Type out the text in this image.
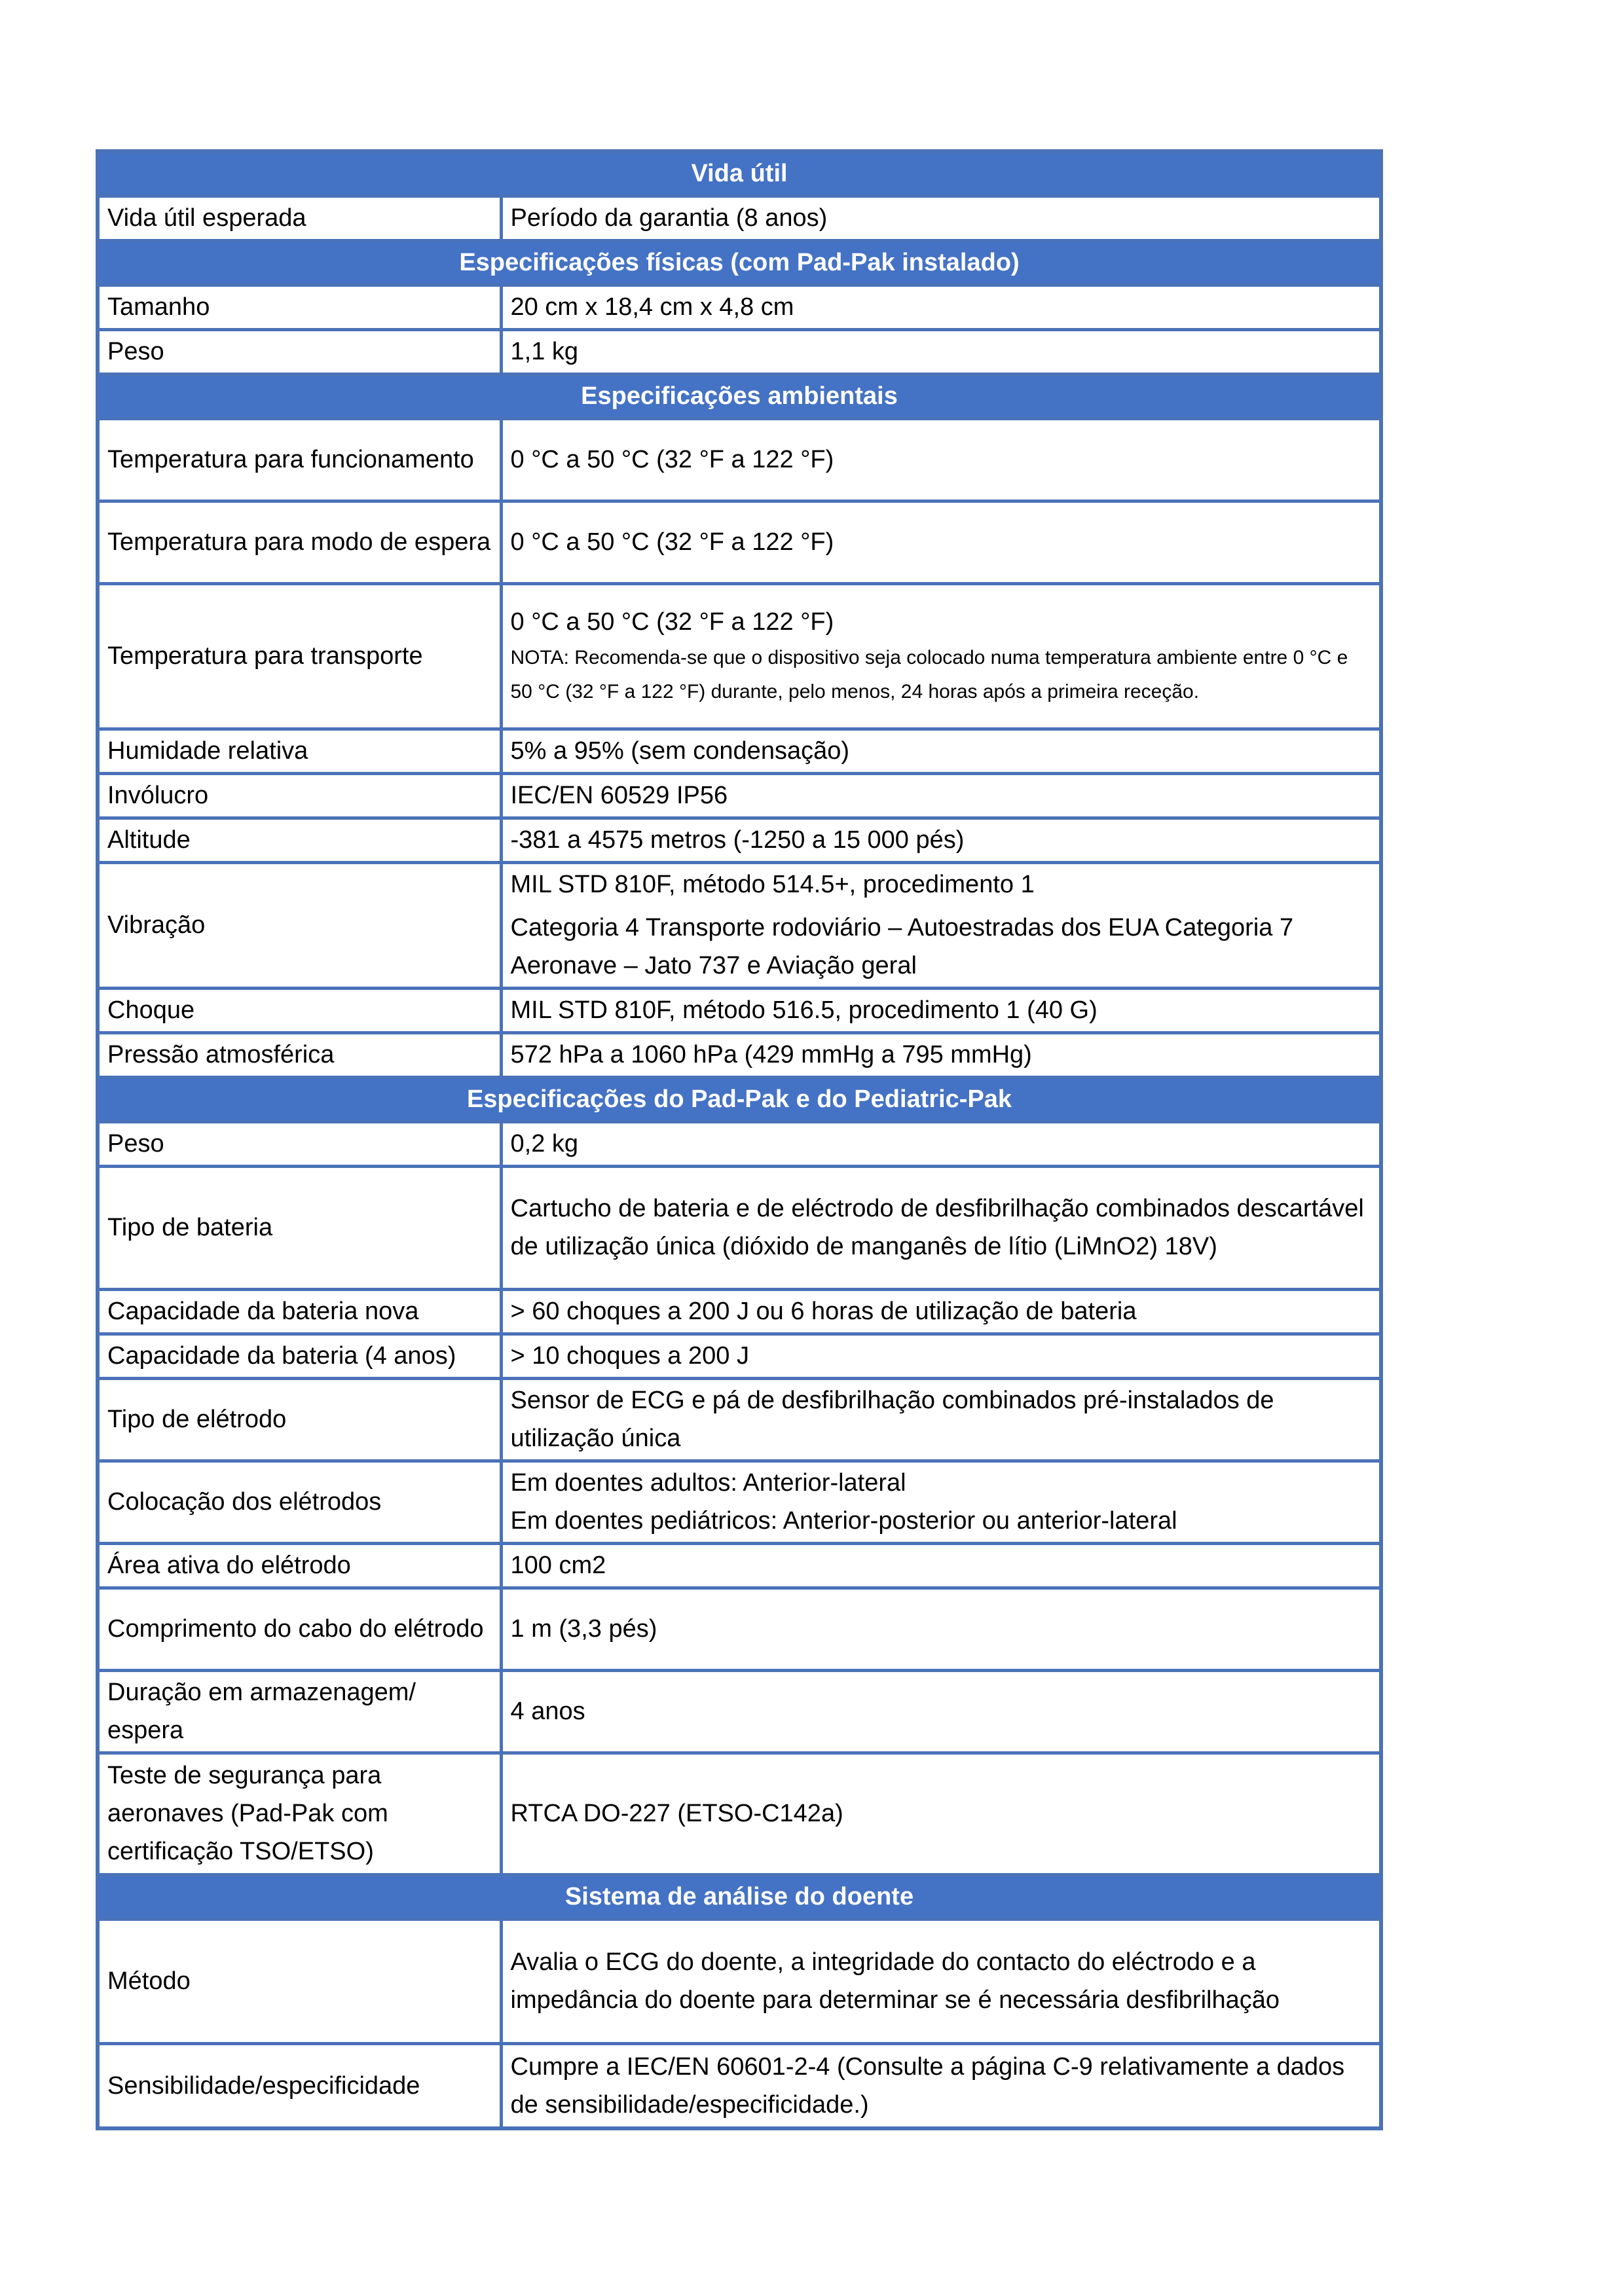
Vida útil	
Vida útil esperada	Período da garantia (8 anos)
Especificações físicas (com Pad-Pak instalado)	
Tamanho	20 cm x 18,4 cm x 4,8 cm
Peso	1,1 kg
Especificações ambientais	
Temperatura para funcionamento	0 °C a 50 °C (32 °F a 122 °F)
Temperatura para modo de espera	0 °C a 50 °C (32 °F a 122 °F)
Temperatura para transporte	0 °C a 50 °C (32 °F a 122 °F)
NOTA: Recomenda-se que o dispositivo seja colocado numa temperatura ambiente entre 0 °C e 50 °C (32 °F a 122 °F) durante, pelo menos, 24 horas após a primeira receção.

Humidade relativa	5% a 95% (sem condensação)
Invólucro	IEC/EN 60529 IP56
Altitude	-381 a 4575 metros (-1250 a 15 000 pés)
Vibração	MIL STD 810F, método 514.5+, procedimento 1
Categoria 4 Transporte rodoviário – Autoestradas dos EUA Categoria 7 Aeronave – Jato 737 e Aviação geral

Choque	MIL STD 810F, método 516.5, procedimento 1 (40 G)
Pressão atmosférica	572 hPa a 1060 hPa (429 mmHg a 795 mmHg)
Especificações do Pad-Pak e do Pediatric-Pak	
Peso	0,2 kg
Tipo de bateria	Cartucho de bateria e de eléctrodo de desfibrilhação combinados descartável de utilização única (dióxido de manganês de lítio (LiMnO2) 18V)
Capacidade da bateria nova	> 60 choques a 200 J ou 6 horas de utilização de bateria
Capacidade da bateria (4 anos)	> 10 choques a 200 J
Tipo de elétrodo	Sensor de ECG e pá de desfibrilhação combinados pré-instalados de utilização única
Colocação dos elétrodos	Em doentes adultos: Anterior-lateral
Em doentes pediátricos: Anterior-posterior ou anterior-lateral

Área ativa do elétrodo	100 cm2
Comprimento do cabo do elétrodo	1 m (3,3 pés)
Duração em armazenagem/ espera	4 anos
Teste de segurança para aeronaves (Pad-Pak com certificação TSO/ETSO)	RTCA DO-227 (ETSO-C142a)
Sistema de análise do doente	
Método	Avalia o ECG do doente, a integridade do contacto do eléctrodo e a impedância do doente para determinar se é necessária desfibrilhação
Sensibilidade/especificidade	Cumpre a IEC/EN 60601-2-4 (Consulte a página C-9 relativamente a dados de sensibilidade/especificidade.)
